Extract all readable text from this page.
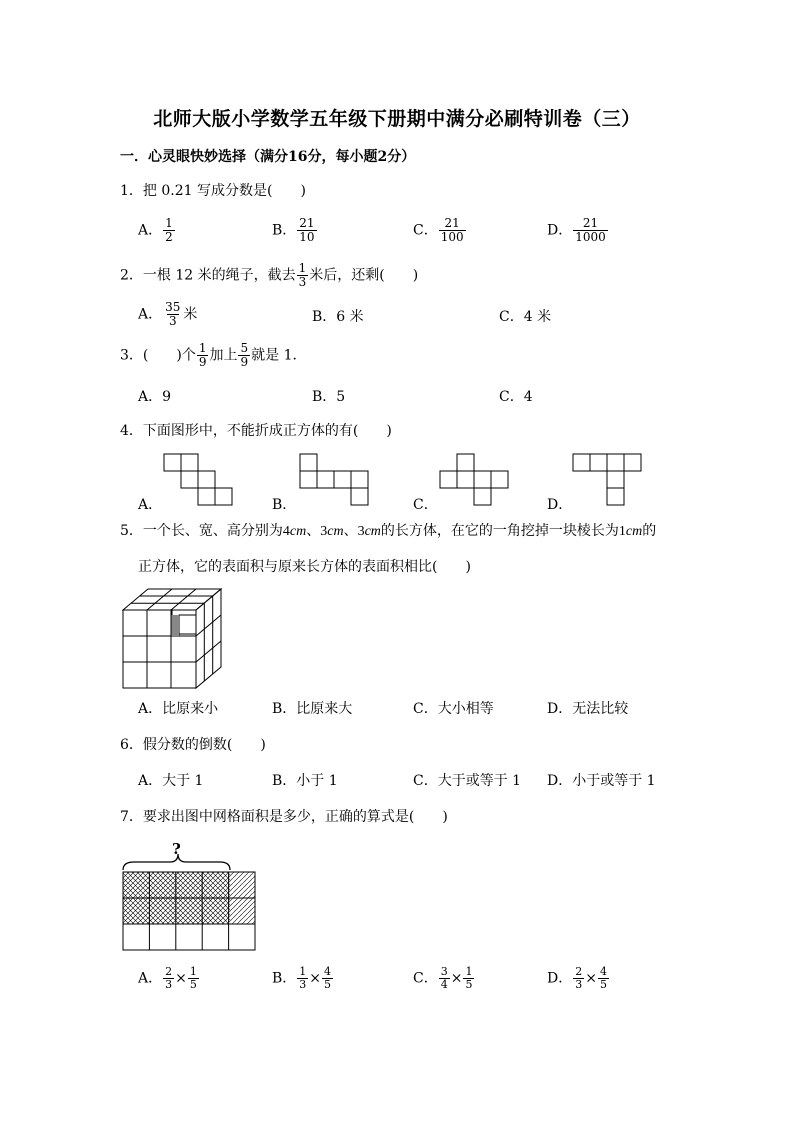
北师大版小学数学五年级下册期中满分必刷特训卷（三）
一．心灵眼快妙选择（满分16分，每小题2分）
1．把 0.21 写成分数是(　　)
A． $\frac{1}{2}$	B． $\frac{21}{10}$	C． $\frac{21}{100}$	D． $\frac{21}{1000}$
2．一根 12 米的绳子，截去 $\frac{1}{3}$ 米后，还剩(　　)
A． $\frac{35}{3}$ 米	B．6 米	C．4 米
3．(　　)个 $\frac{1}{9}$ 加上 $\frac{5}{9}$ 就是 1．
A．9	B．5	C．4
4．下面图形中，不能折成正方体的有(　　)
A．	B．	C．	D．
5．一个长、宽、高分别为4cm、3cm、3cm的长方体，在它的一角挖掉一块棱长为1cm的
正方体，它的表面积与原来长方体的表面积相比(　　)
A．比原来小	B．比原来大	C．大小相等	D．无法比较
6．假分数的倒数(　　)
A．大于 1	B．小于 1	C．大于或等于 1 D．小于或等于 1
7．要求出图中网格面积是多少，正确的算式是(　　)
?
A． $\frac{2}{3} \times \frac{1}{5}$	B． $\frac{1}{3} \times \frac{4}{5}$	C． $\frac{3}{4} \times \frac{1}{5}$	D． $\frac{2}{3} \times \frac{4}{5}$
